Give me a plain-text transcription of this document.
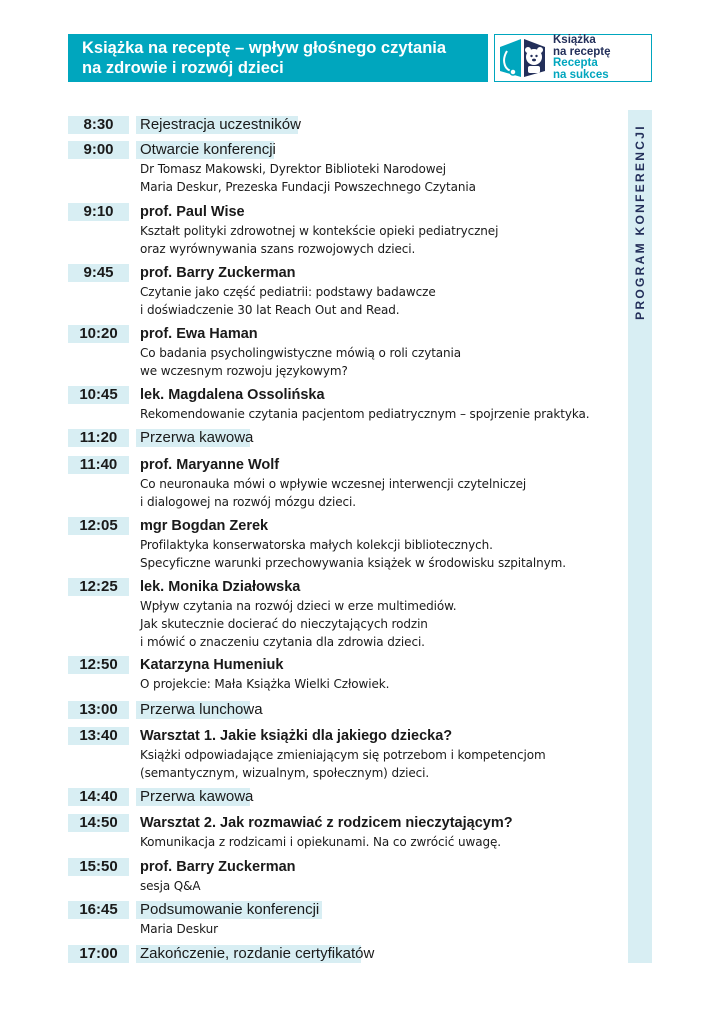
Książka na receptę – wpływ głośnego czytania
na zdrowie i rozwój dzieci
Książka
na receptę
Recepta
na sukces
PROGRAM KONFERENCJI
8:30	Rejestracja uczestników
9:00	Otwarcie konferencji
Dr Tomasz Makowski, Dyrektor Biblioteki Narodowej
Maria Deskur, Prezeska Fundacji Powszechnego Czytania
9:10	prof. Paul Wise
Kształt polityki zdrowotnej w kontekście opieki pediatrycznej
oraz wyrównywania szans rozwojowych dzieci.
9:45	prof. Barry Zuckerman
Czytanie jako część pediatrii: podstawy badawcze
i doświadczenie 30 lat Reach Out and Read.
10:20	prof. Ewa Haman
Co badania psycholingwistyczne mówią o roli czytania
we wczesnym rozwoju językowym?
10:45	lek. Magdalena Ossolińska
Rekomendowanie czytania pacjentom pediatrycznym – spojrzenie praktyka.
11:20	Przerwa kawowa
11:40	prof. Maryanne Wolf
Co neuronauka mówi o wpływie wczesnej interwencji czytelniczej
i dialogowej na rozwój mózgu dzieci.
12:05	mgr Bogdan Zerek
Profilaktyka konserwatorska małych kolekcji bibliotecznych.
Specyficzne warunki przechowywania książek w środowisku szpitalnym.
12:25	lek. Monika Działowska
Wpływ czytania na rozwój dzieci w erze multimediów.
Jak skutecznie docierać do nieczytających rodzin
i mówić o znaczeniu czytania dla zdrowia dzieci.
12:50	Katarzyna Humeniuk
O projekcie: Mała Książka Wielki Człowiek.
13:00	Przerwa lunchowa
13:40	Warsztat 1. Jakie książki dla jakiego dziecka?
Książki odpowiadające zmieniającym się potrzebom i kompetencjom
(semantycznym, wizualnym, społecznym) dzieci.
14:40	Przerwa kawowa
14:50	Warsztat 2. Jak rozmawiać z rodzicem nieczytającym?
Komunikacja z rodzicami i opiekunami. Na co zwrócić uwagę.
15:50	prof. Barry Zuckerman
sesja Q&A
16:45	Podsumowanie konferencji
Maria Deskur
17:00	Zakończenie, rozdanie certyfikatów
